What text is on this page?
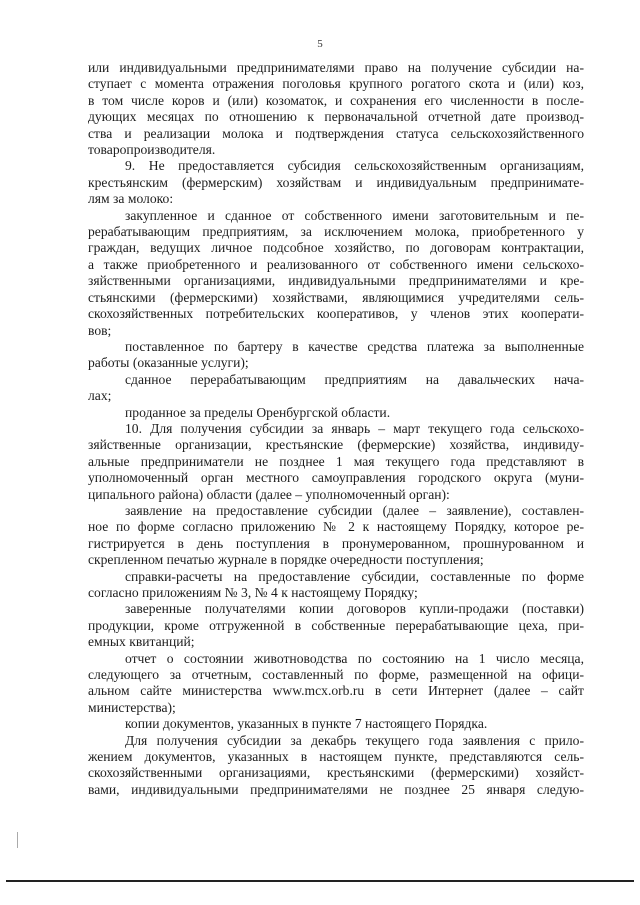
5

или индивидуальными предпринимателями право на получение субсидии на-

ступает с момента отражения поголовья крупного рогатого скота и (или) коз,

в том числе коров и (или) козоматок, и сохранения его численности в после-

дующих месяцах по отношению к первоначальной отчетной дате производ-

ства и реализации молока и подтверждения статуса сельскохозяйственного

товаропроизводителя.

9. Не предоставляется субсидия сельскохозяйственным организациям,

крестьянским (фермерским) хозяйствам и индивидуальным предпринимате-

лям за молоко:

закупленное и сданное от собственного имени заготовительным и пе-

рерабатывающим предприятиям, за исключением молока, приобретенного у

граждан, ведущих личное подсобное хозяйство, по договорам контрактации,

а также приобретенного и реализованного от собственного имени сельскохо-

зяйственными организациями, индивидуальными предпринимателями и кре-

стьянскими (фермерскими) хозяйствами, являющимися учредителями сель-

скохозяйственных потребительских кооперативов, у членов этих кооперати-

вов;

поставленное по бартеру в качестве средства платежа за выполненные

работы (оказанные услуги);

сданное перерабатывающим предприятиям на давальческих нача-

лах;

проданное за пределы Оренбургской области.

10. Для получения субсидии за январь – март текущего года сельскохо-

зяйственные организации, крестьянские (фермерские) хозяйства, индивиду-

альные предприниматели не позднее 1 мая текущего года представляют в

уполномоченный орган местного самоуправления городского округа (муни-

ципального района) области (далее – уполномоченный орган):

заявление на предоставление субсидии (далее – заявление), составлен-

ное по форме согласно приложению № 2 к настоящему Порядку, которое ре-

гистрируется в день поступления в пронумерованном, прошнурованном и

скрепленном печатью журнале в порядке очередности поступления;

справки-расчеты на предоставление субсидии, составленные по форме

согласно приложениям № 3, № 4 к настоящему Порядку;

заверенные получателями копии договоров купли-продажи (поставки)

продукции, кроме отгруженной в собственные перерабатывающие цеха, при-

емных квитанций;

отчет о состоянии животноводства по состоянию на 1 число месяца,

следующего за отчетным, составленный по форме, размещенной на офици-

альном сайте министерства www.mcx.orb.ru в сети Интернет (далее – сайт

министерства);

копии документов, указанных в пункте 7 настоящего Порядка.

Для получения субсидии за декабрь текущего года заявления с прило-

жением документов, указанных в настоящем пункте, представляются сель-

скохозяйственными организациями, крестьянскими (фермерскими) хозяйст-

вами, индивидуальными предпринимателями не позднее 25 января следую-
